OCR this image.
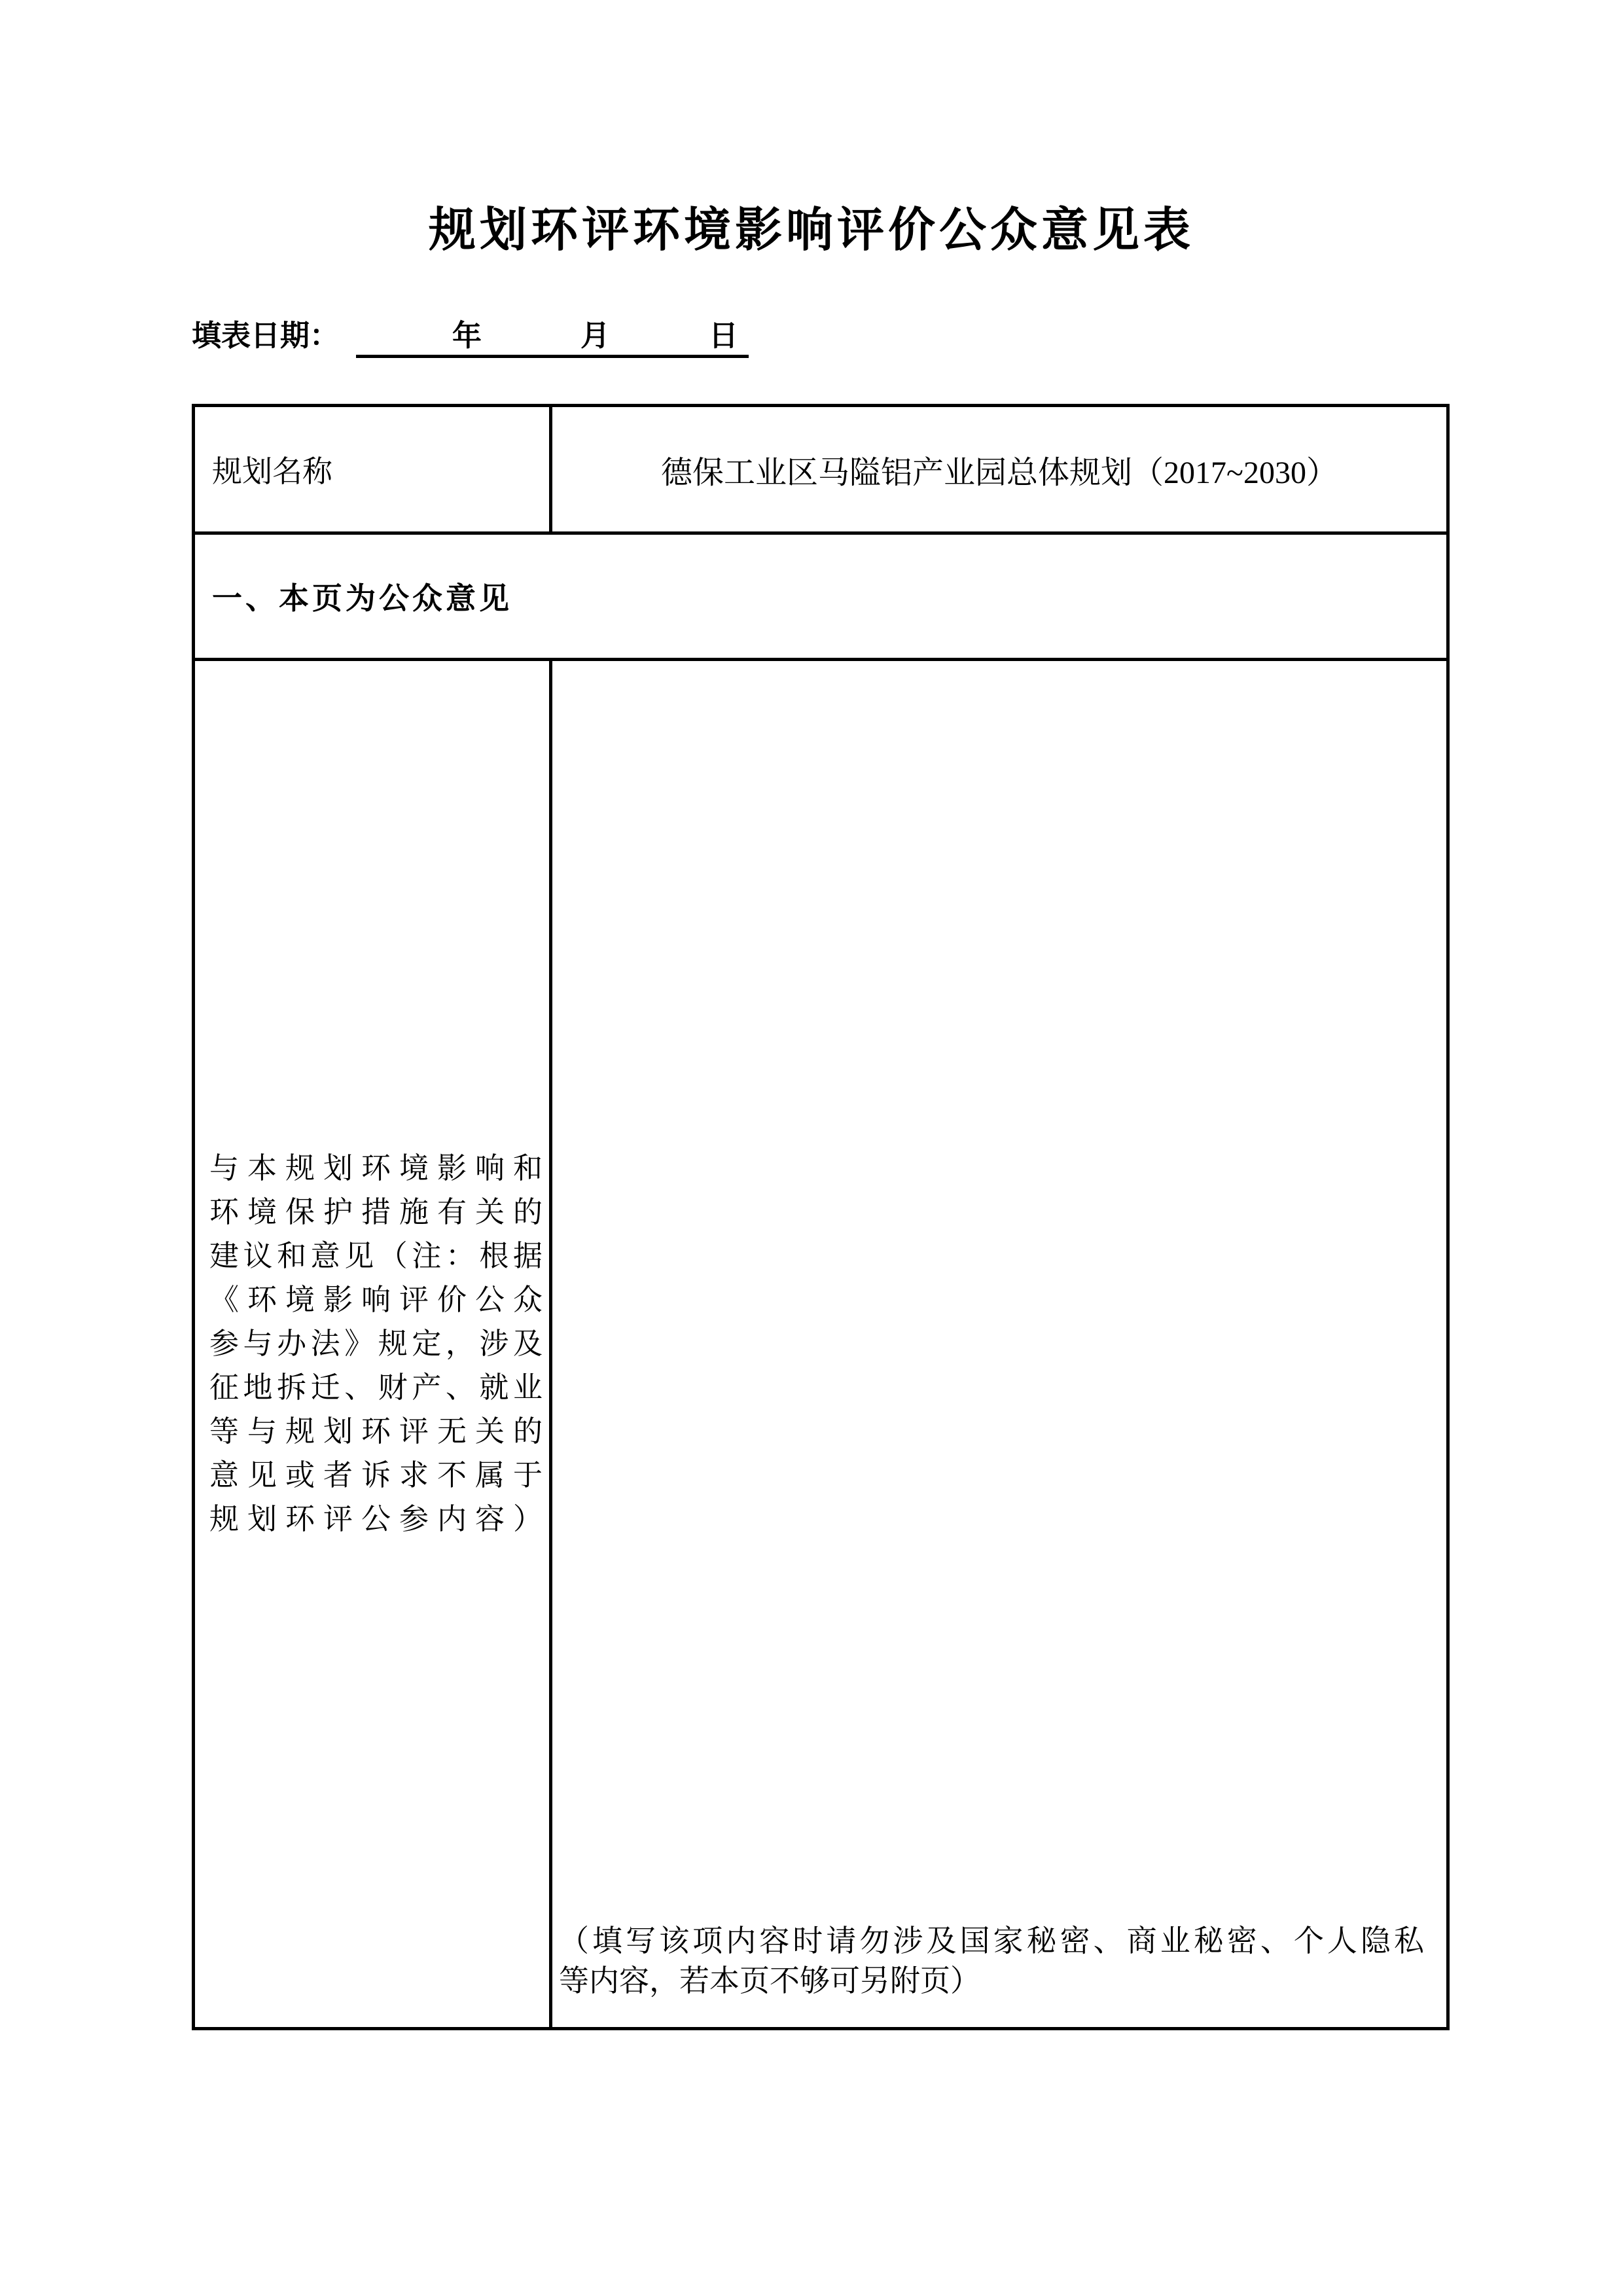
规划环评环境影响评价公众意见表
填表日期：　　　年　　　月　　　日
规划名称	德保工业区马隘铝产业园总体规划（2017~2030）
一、本页为公众意见
与本规划环境影响和
环境保护措施有关的
建议和意见（注：根据
《环境影响评价公众
参与办法》规定，涉及
征地拆迁、财产、就业
等与规划环评无关的
意见或者诉求不属于
规划环评公参内容）
（填写该项内容时请勿涉及国家秘密、商业秘密、个人隐私
等内容，若本页不够可另附页）
